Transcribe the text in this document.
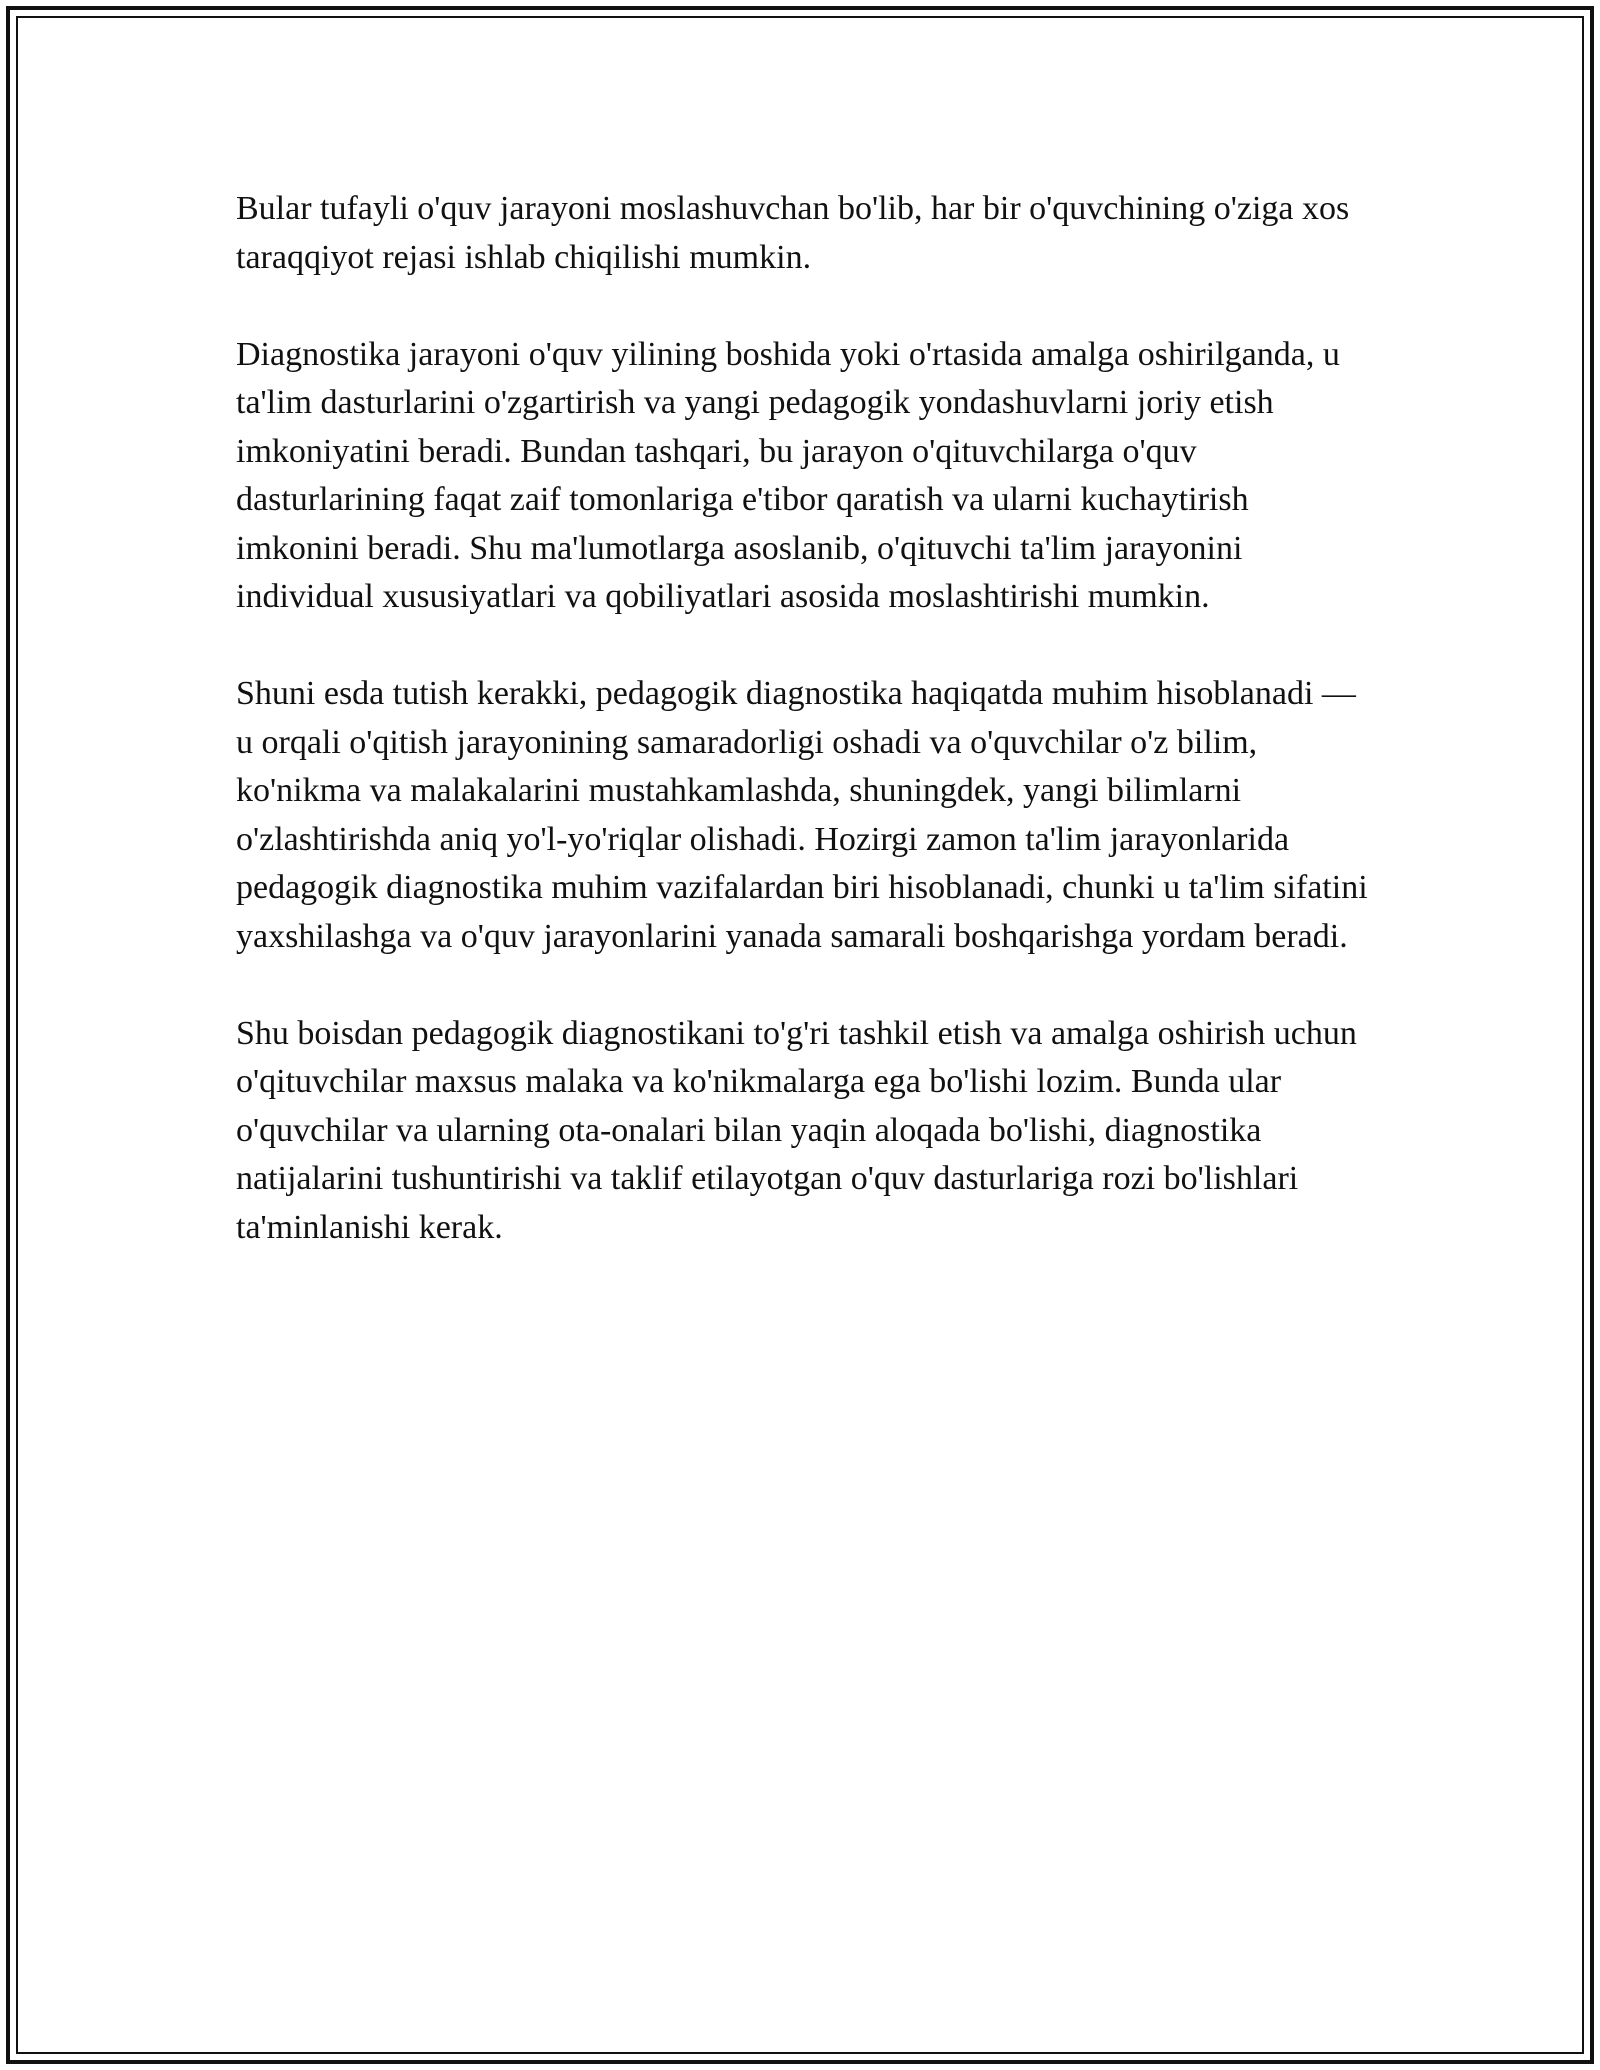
Bular tufayli o'quv jarayoni moslashuvchan bo'lib, har bir o'quvchining o'ziga xos taraqqiyot rejasi ishlab chiqilishi mumkin.

Diagnostika jarayoni o'quv yilining boshida yoki o'rtasida amalga oshirilganda, u ta'lim dasturlarini o'zgartirish va yangi pedagogik yondashuvlarni joriy etish imkoniyatini beradi. Bundan tashqari, bu jarayon o'qituvchilarga o'quv dasturlarining faqat zaif tomonlariga e'tibor qaratish va ularni kuchaytirish imkonini beradi. Shu ma'lumotlarga asoslanib, o'qituvchi ta'lim jarayonini individual xususiyatlari va qobiliyatlari asosida moslashtirishi mumkin.

Shuni esda tutish kerakki, pedagogik diagnostika haqiqatda muhim hisoblanadi — u orqali o'qitish jarayonining samaradorligi oshadi va o'quvchilar o'z bilim, ko'nikma va malakalarini mustahkamlashda, shuningdek, yangi bilimlarni o'zlashtirishda aniq yo'l-yo'riqlar olishadi. Hozirgi zamon ta'lim jarayonlarida pedagogik diagnostika muhim vazifalardan biri hisoblanadi, chunki u ta'lim sifatini yaxshilashga va o'quv jarayonlarini yanada samarali boshqarishga yordam beradi.

Shu boisdan pedagogik diagnostikani to'g'ri tashkil etish va amalga oshirish uchun o'qituvchilar maxsus malaka va ko'nikmalarga ega bo'lishi lozim. Bunda ular o'quvchilar va ularning ota-onalari bilan yaqin aloqada bo'lishi, diagnostika natijalarini tushuntirishi va taklif etilayotgan o'quv dasturlariga rozi bo'lishlari ta'minlanishi kerak.
